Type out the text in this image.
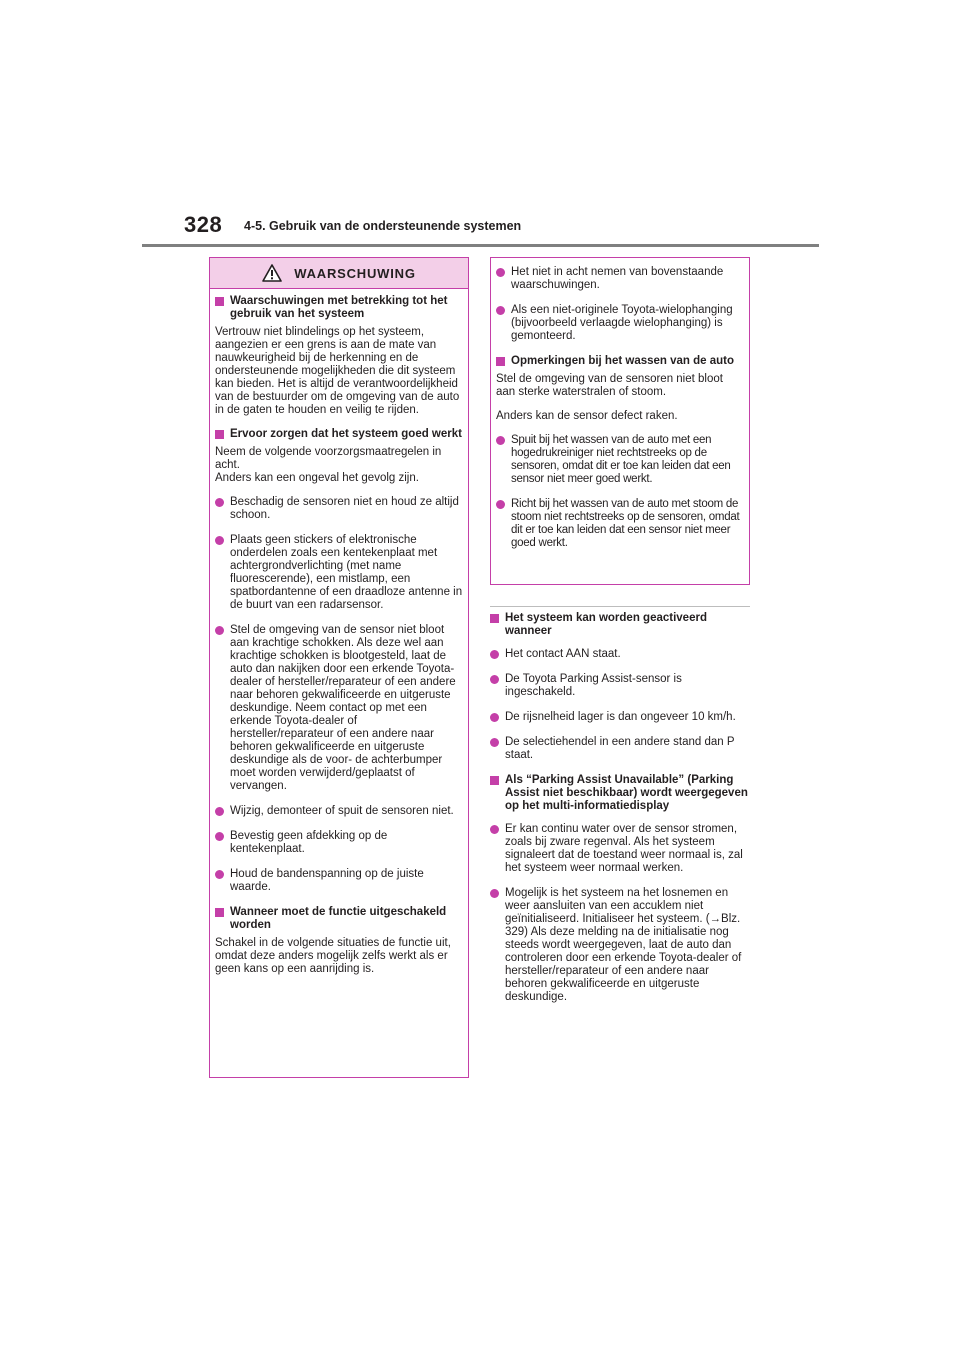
328 4-5. Gebruik van de ondersteunende systemen
WAARSCHUWING
Waarschuwingen met betrekking tot het gebruik van het systeem
Vertrouw niet blindelings op het systeem, aangezien er een grens is aan de mate van nauwkeurigheid bij de herkenning en de ondersteunende mogelijkheden die dit systeem kan bieden. Het is altijd de verantwoordelijkheid van de bestuurder om de omgeving van de auto in de gaten te houden en veilig te rijden.
Ervoor zorgen dat het systeem goed werkt
Neem de volgende voorzorgsmaatregelen in acht.
Anders kan een ongeval het gevolg zijn.
Beschadig de sensoren niet en houd ze altijd schoon.
Plaats geen stickers of elektronische onderdelen zoals een kentekenplaat met achtergrondverlichting (met name fluorescerende), een mistlamp, een spatbordantenne of een draadloze antenne in de buurt van een radarsensor.
Stel de omgeving van de sensor niet bloot aan krachtige schokken. Als deze wel aan krachtige schokken is blootgesteld, laat de auto dan nakijken door een erkende Toyota-dealer of hersteller/reparateur of een andere naar behoren gekwalificeerde en uitgeruste deskundige. Neem contact op met een erkende Toyota-dealer of hersteller/reparateur of een andere naar behoren gekwalificeerde en uitgeruste deskundige als de voor- de achterbumper moet worden verwijderd/geplaatst of vervangen.
Wijzig, demonteer of spuit de sensoren niet.
Bevestig geen afdekking op de kentekenplaat.
Houd de bandenspanning op de juiste waarde.
Wanneer moet de functie uitgeschakeld worden
Schakel in de volgende situaties de functie uit, omdat deze anders mogelijk zelfs werkt als er geen kans op een aanrijding is.
Het niet in acht nemen van bovenstaande waarschuwingen.
Als een niet-originele Toyota-wielophanging (bijvoorbeeld verlaagde wielophanging) is gemonteerd.
Opmerkingen bij het wassen van de auto
Stel de omgeving van de sensoren niet bloot aan sterke waterstralen of stoom.
Anders kan de sensor defect raken.
Spuit bij het wassen van de auto met een hogedrukreiniger niet rechtstreeks op de sensoren, omdat dit er toe kan leiden dat een sensor niet meer goed werkt.
Richt bij het wassen van de auto met stoom de stoom niet rechtstreeks op de sensoren, omdat dit er toe kan leiden dat een sensor niet meer goed werkt.
Het systeem kan worden geactiveerd wanneer
Het contact AAN staat.
De Toyota Parking Assist-sensor is ingeschakeld.
De rijsnelheid lager is dan ongeveer 10 km/h.
De selectiehendel in een andere stand dan P staat.
Als “Parking Assist Unavailable” (Parking Assist niet beschikbaar) wordt weergegeven op het multi-informatiedisplay
Er kan continu water over de sensor stromen, zoals bij zware regenval. Als het systeem signaleert dat de toestand weer normaal is, zal het systeem weer normaal werken.
Mogelijk is het systeem na het losnemen en weer aansluiten van een accuklem niet geïnitialiseerd. Initialiseer het systeem. (→Blz. 329) Als deze melding na de initialisatie nog steeds wordt weergegeven, laat de auto dan controleren door een erkende Toyota-dealer of hersteller/reparateur of een andere naar behoren gekwalificeerde en uitgeruste deskundige.
